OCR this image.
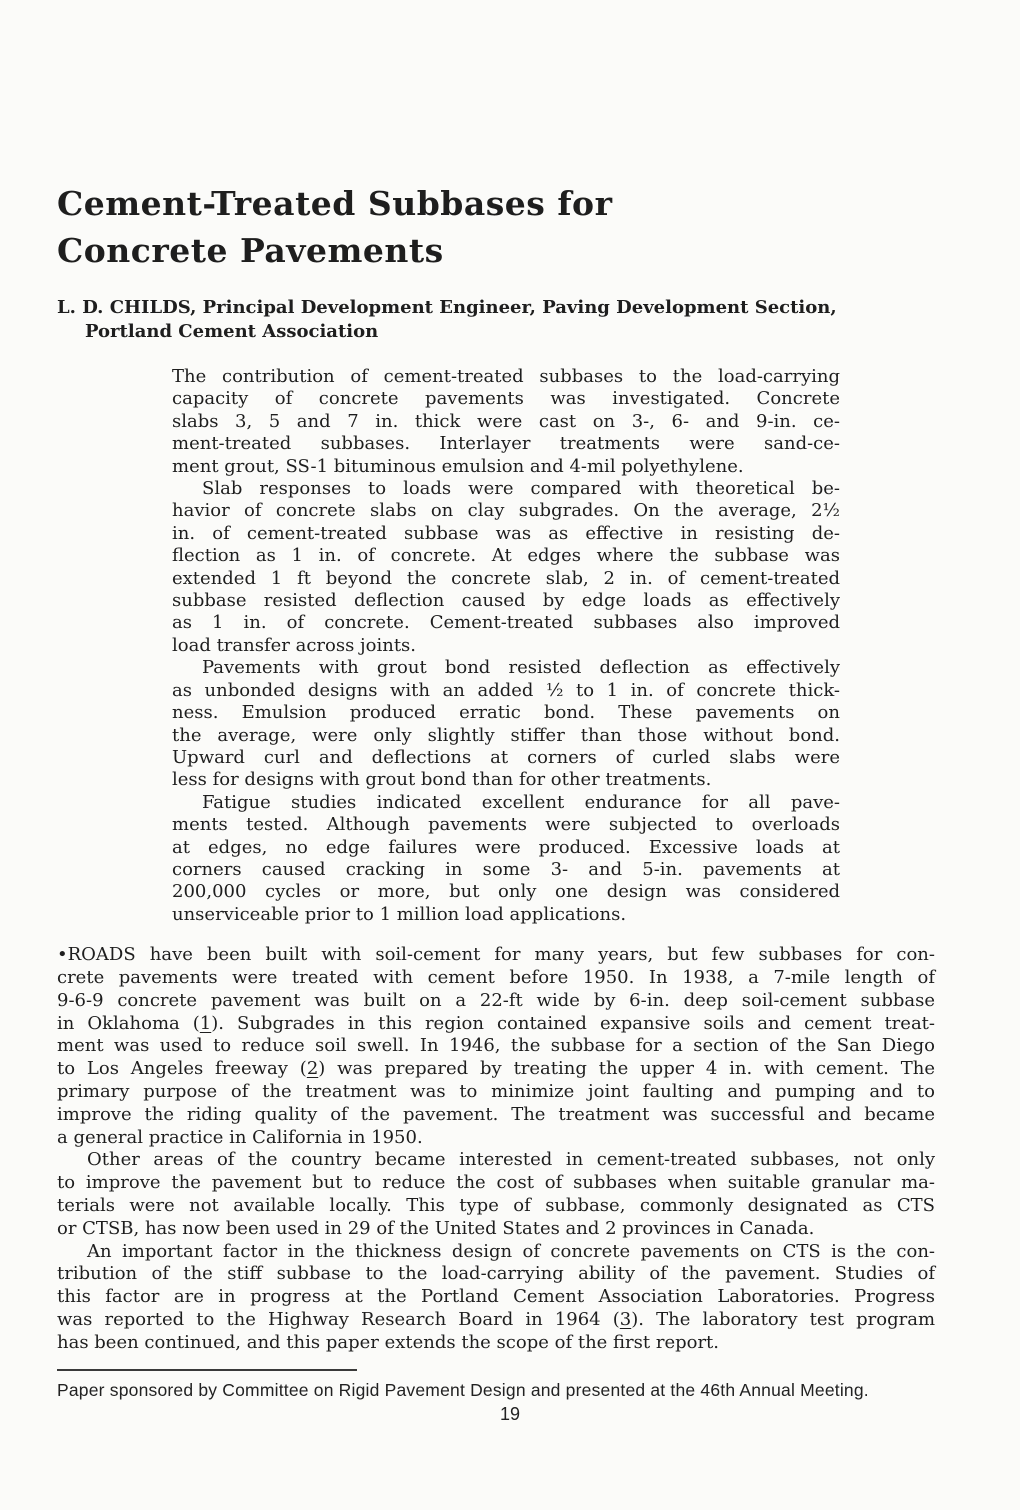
Cement-Treated Subbases for
Concrete Pavements
L. D. CHILDS, Principal Development Engineer, Paving Development Section,
Portland Cement Association
The contribution of cement-treated subbases to the load-carrying
capacity of concrete pavements was investigated. Concrete
slabs 3, 5 and 7 in. thick were cast on 3-, 6- and 9-in. ce-
ment-treated subbases. Interlayer treatments were sand-ce-
ment grout, SS-1 bituminous emulsion and 4-mil polyethylene.
Slab responses to loads were compared with theoretical be-
havior of concrete slabs on clay subgrades. On the average, 2½
in. of cement-treated subbase was as effective in resisting de-
flection as 1 in. of concrete. At edges where the subbase was
extended 1 ft beyond the concrete slab, 2 in. of cement-treated
subbase resisted deflection caused by edge loads as effectively
as 1 in. of concrete. Cement-treated subbases also improved
load transfer across joints.
Pavements with grout bond resisted deflection as effectively
as unbonded designs with an added ½ to 1 in. of concrete thick-
ness. Emulsion produced erratic bond. These pavements on
the average, were only slightly stiffer than those without bond.
Upward curl and deflections at corners of curled slabs were
less for designs with grout bond than for other treatments.
Fatigue studies indicated excellent endurance for all pave-
ments tested. Although pavements were subjected to overloads
at edges, no edge failures were produced. Excessive loads at
corners caused cracking in some 3- and 5-in. pavements at
200,000 cycles or more, but only one design was considered
unserviceable prior to 1 million load applications.
•ROADS have been built with soil-cement for many years, but few subbases for con-
crete pavements were treated with cement before 1950. In 1938, a 7-mile length of
9-6-9 concrete pavement was built on a 22-ft wide by 6-in. deep soil-cement subbase
in Oklahoma (1). Subgrades in this region contained expansive soils and cement treat-
ment was used to reduce soil swell. In 1946, the subbase for a section of the San Diego
to Los Angeles freeway (2) was prepared by treating the upper 4 in. with cement. The
primary purpose of the treatment was to minimize joint faulting and pumping and to
improve the riding quality of the pavement. The treatment was successful and became
a general practice in California in 1950.
Other areas of the country became interested in cement-treated subbases, not only
to improve the pavement but to reduce the cost of subbases when suitable granular ma-
terials were not available locally. This type of subbase, commonly designated as CTS
or CTSB, has now been used in 29 of the United States and 2 provinces in Canada.
An important factor in the thickness design of concrete pavements on CTS is the con-
tribution of the stiff subbase to the load-carrying ability of the pavement. Studies of
this factor are in progress at the Portland Cement Association Laboratories. Progress
was reported to the Highway Research Board in 1964 (3). The laboratory test program
has been continued, and this paper extends the scope of the first report.
Paper sponsored by Committee on Rigid Pavement Design and presented at the 46th Annual Meeting.
19
